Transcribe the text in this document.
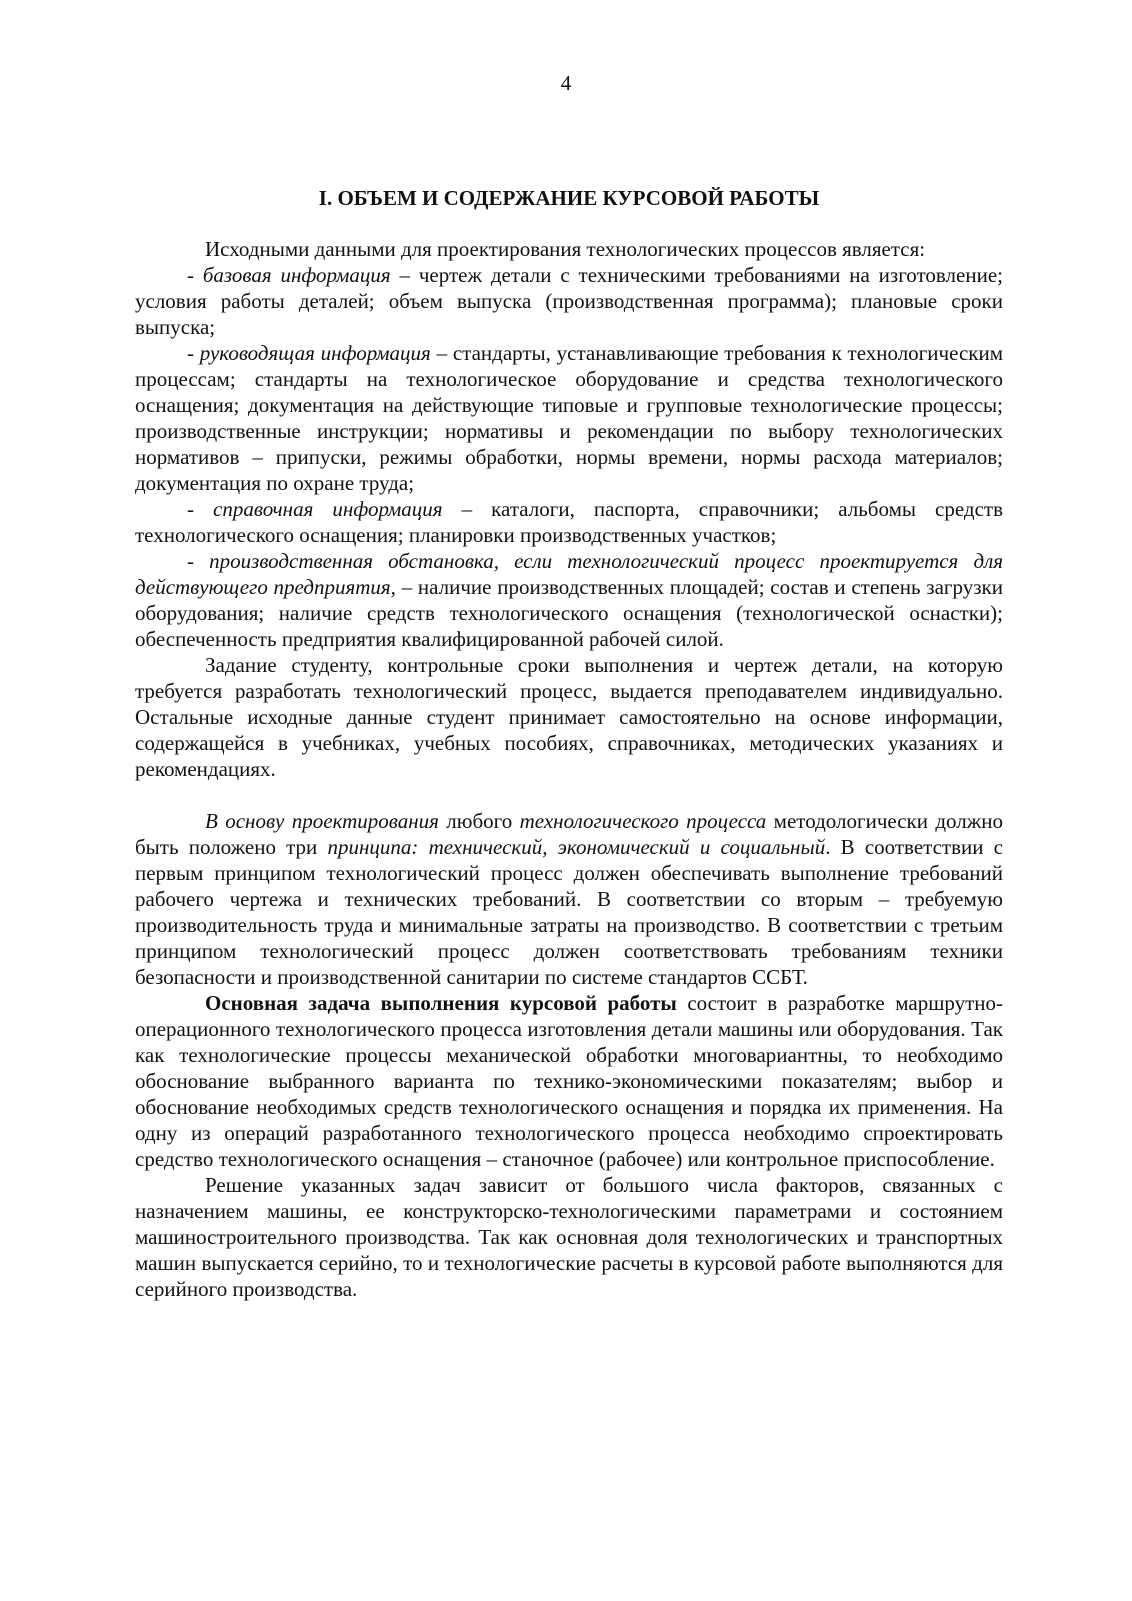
4
I. ОБЪЕМ И СОДЕРЖАНИЕ КУРСОВОЙ РАБОТЫ

Исходными данными для проектирования технологических процессов является:

- базовая информация – чертеж детали с техническими требованиями на изготовление; условия работы деталей; объем выпуска (производственная программа); плановые сроки выпуска;

- руководящая информация – стандарты, устанавливающие требования к технологическим процессам; стандарты на технологическое оборудование и средства технологического оснащения; документация на действующие типовые и групповые технологические процессы; производственные инструкции; нормативы и рекомендации по выбору технологических нормативов – припуски, режимы обработки, нормы времени, нормы расхода материалов; документация по охране труда;

- справочная информация – каталоги, паспорта, справочники; альбомы средств технологического оснащения; планировки производственных участков;

- производственная обстановка, если технологический процесс проектируется для действующего предприятия, – наличие производственных площадей; состав и степень загрузки оборудования; наличие средств технологического оснащения (технологической оснастки); обеспеченность предприятия квалифицированной рабочей силой.

Задание студенту, контрольные сроки выполнения и чертеж детали, на которую требуется разработать технологический процесс, выдается преподавателем индивидуально. Остальные исходные данные студент принимает самостоятельно на основе информации, содержащейся в учебниках, учебных пособиях, справочниках, методических указаниях и рекомендациях.

В основу проектирования любого технологического процесса методологически должно быть положено три принципа: технический, экономический и социальный. В соответствии с первым принципом технологический процесс должен обеспечивать выполнение требований рабочего чертежа и технических требований. В соответствии со вторым – требуемую производительность труда и минимальные затраты на производство. В соответствии с третьим принципом технологический процесс должен соответствовать требованиям техники безопасности и производственной санитарии по системе стандартов ССБТ.

Основная задача выполнения курсовой работы состоит в разработке маршрутно-операционного технологического процесса изготовления детали машины или оборудования. Так как технологические процессы механической обработки многовариантны, то необходимо обоснование выбранного варианта по технико-экономическими показателям; выбор и обоснование необходимых средств технологического оснащения и порядка их применения. На одну из операций разработанного технологического процесса необходимо спроектировать средство технологического оснащения – станочное (рабочее) или контрольное приспособление.

Решение указанных задач зависит от большого числа факторов, связанных с назначением машины, ее конструкторско-технологическими параметрами и состоянием машиностроительного производства. Так как основная доля технологических и транспортных машин выпускается серийно, то и технологические расчеты в курсовой работе выполняются для серийного производства.
